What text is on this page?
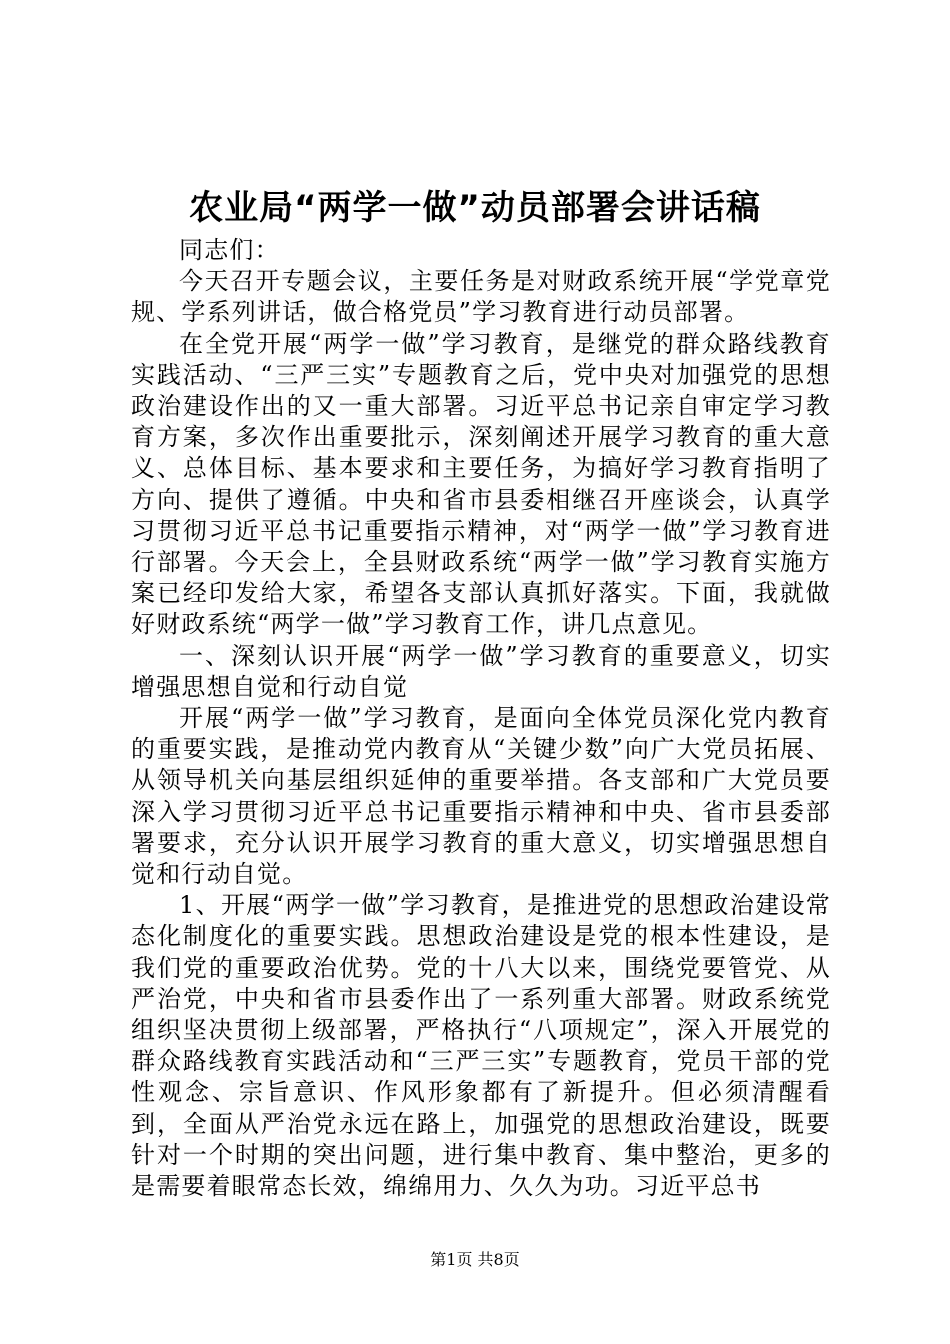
农业局“两学一做”动员部署会讲话稿

同志们：

今天召开专题会议，主要任务是对财政系统开展“学党章党规、学系列讲话，做合格党员”学习教育进行动员部署。

在全党开展“两学一做”学习教育，是继党的群众路线教育实践活动、“三严三实”专题教育之后，党中央对加强党的思想政治建设作出的又一重大部署。习近平总书记亲自审定学习教育方案，多次作出重要批示，深刻阐述开展学习教育的重大意义、总体目标、基本要求和主要任务，为搞好学习教育指明了方向、提供了遵循。中央和省市县委相继召开座谈会，认真学习贯彻习近平总书记重要指示精神，对“两学一做”学习教育进行部署。今天会上，全县财政系统“两学一做”学习教育实施方案已经印发给大家，希望各支部认真抓好落实。下面，我就做好财政系统“两学一做”学习教育工作，讲几点意见。

一、深刻认识开展“两学一做”学习教育的重要意义，切实增强思想自觉和行动自觉

开展“两学一做”学习教育，是面向全体党员深化党内教育的重要实践，是推动党内教育从“关键少数”向广大党员拓展、从领导机关向基层组织延伸的重要举措。各支部和广大党员要深入学习贯彻习近平总书记重要指示精神和中央、省市县委部署要求，充分认识开展学习教育的重大意义，切实增强思想自觉和行动自觉。

1、开展“两学一做”学习教育，是推进党的思想政治建设常态化制度化的重要实践。思想政治建设是党的根本性建设，是我们党的重要政治优势。党的十八大以来，围绕党要管党、从严治党，中央和省市县委作出了一系列重大部署。财政系统党组织坚决贯彻上级部署，严格执行“八项规定”，深入开展党的群众路线教育实践活动和“三严三实”专题教育，党员干部的党性观念、宗旨意识、作风形象都有了新提升。但必须清醒看到，全面从严治党永远在路上，加强党的思想政治建设，既要针对一个时期的突出问题，进行集中教育、集中整治，更多的是需要着眼常态长效，绵绵用力、久久为功。习近平总书

第1页 共8页
